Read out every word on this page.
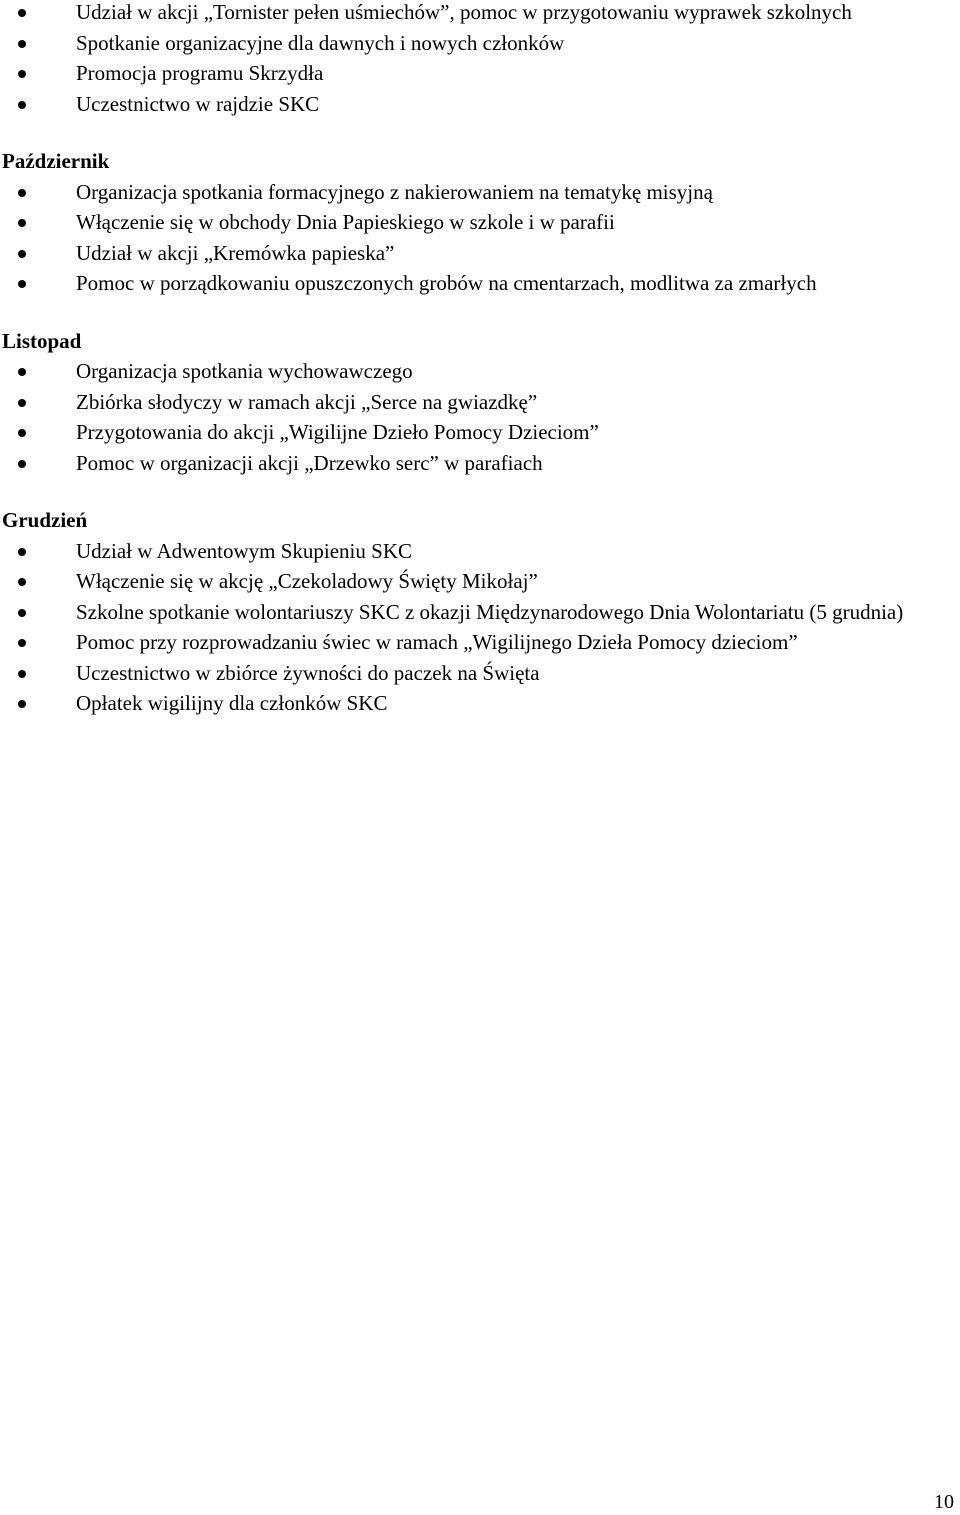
Udział w akcji „Tornister pełen uśmiechów”, pomoc w przygotowaniu wyprawek szkolnych
Spotkanie organizacyjne dla dawnych i nowych członków
Promocja programu Skrzydła
Uczestnictwo w rajdzie SKC
Październik
Organizacja spotkania formacyjnego z nakierowaniem na tematykę misyjną
Włączenie się w obchody Dnia Papieskiego w szkole i w parafii
Udział w akcji „Kremówka papieska”
Pomoc w porządkowaniu opuszczonych grobów na cmentarzach, modlitwa za zmarłych
Listopad
Organizacja spotkania wychowawczego
Zbiórka słodyczy w ramach akcji „Serce na gwiazdkę”
Przygotowania do akcji „Wigilijne Dzieło Pomocy Dzieciom”
Pomoc w organizacji akcji „Drzewko serc” w parafiach
Grudzień
Udział w Adwentowym Skupieniu SKC
Włączenie się w akcję „Czekoladowy Święty Mikołaj”
Szkolne spotkanie wolontariuszy SKC z okazji Międzynarodowego Dnia Wolontariatu (5 grudnia)
Pomoc przy rozprowadzaniu świec w ramach „Wigilijnego Dzieła Pomocy dzieciom”
Uczestnictwo w zbiórce żywności do paczek na Święta
Opłatek wigilijny dla członków SKC
10
